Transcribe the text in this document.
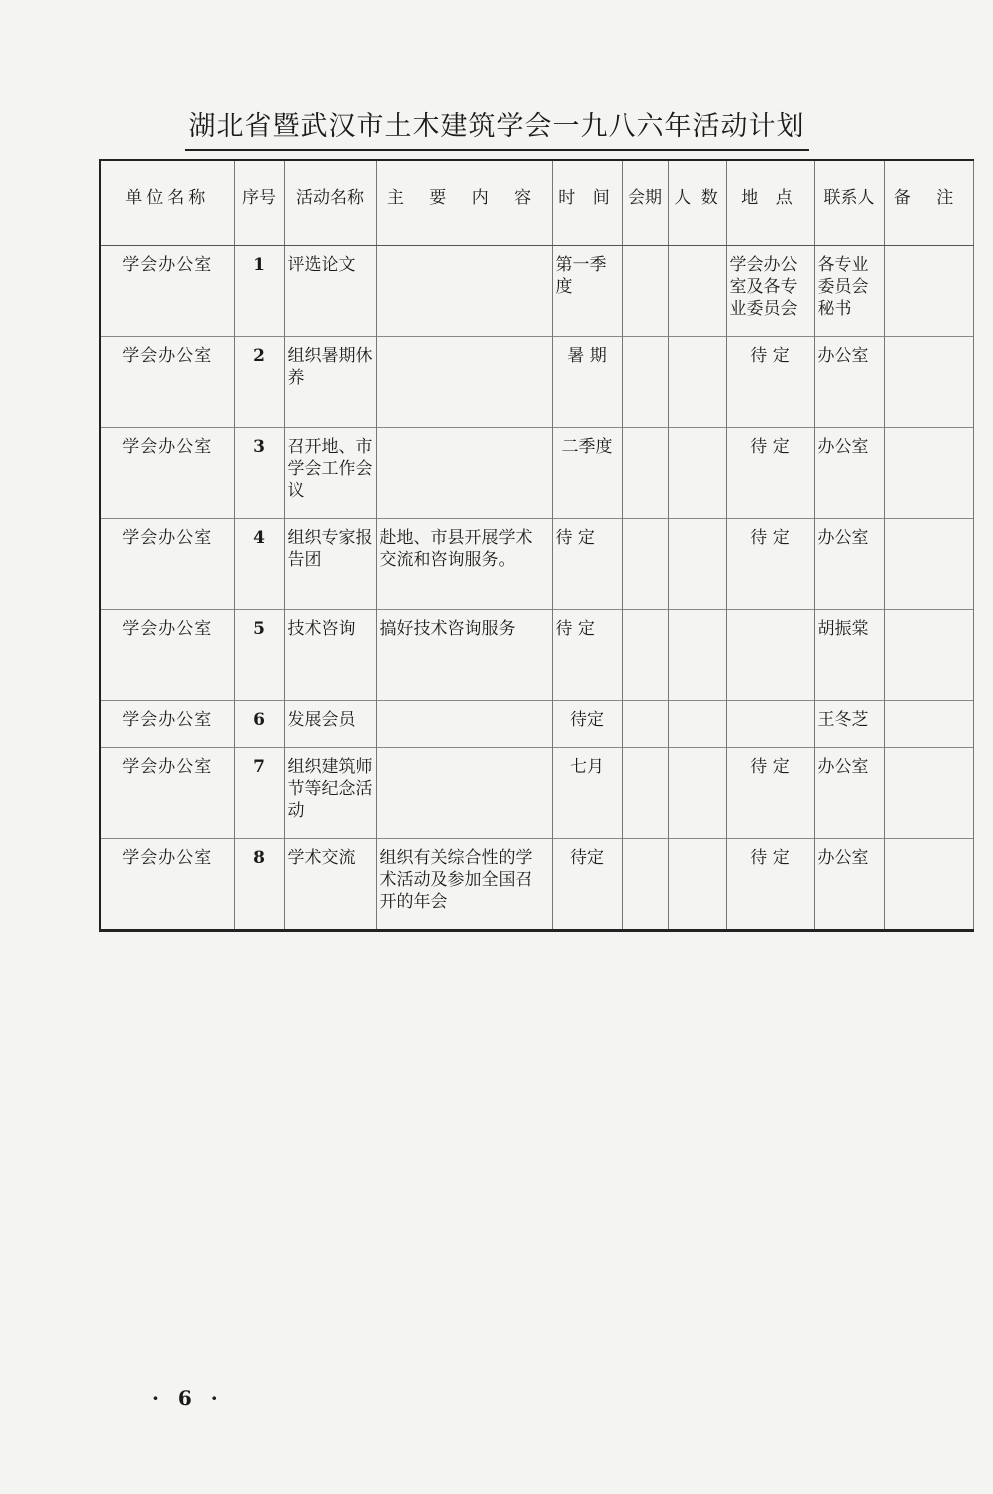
湖北省暨武汉市土木建筑学会一九八六年活动计划
单位名称	序号	活动名称	主 要 内 容	时 间	会期	人 数	地 点	联系人	备 注
学会办公室	1	评选论文		第一季度			学会办公室及各专业委员会	各专业委员会秘书	
学会办公室	2	组织暑期休养		暑 期			待 定	办公室	
学会办公室	3	召开地、市学会工作会议		二季度			待 定	办公室	
学会办公室	4	组织专家报告团	赴地、市县开展学术交流和咨询服务。	待 定			待 定	办公室	
学会办公室	5	技术咨询	搞好技术咨询服务	待 定				胡振棠	
学会办公室	6	发展会员		待定				王冬芝	
学会办公室	7	组织建筑师节等纪念活动		七月			待 定	办公室	
学会办公室	8	学术交流	组织有关综合性的学术活动及参加全国召开的年会	待定			待 定	办公室	
· 6 ·
